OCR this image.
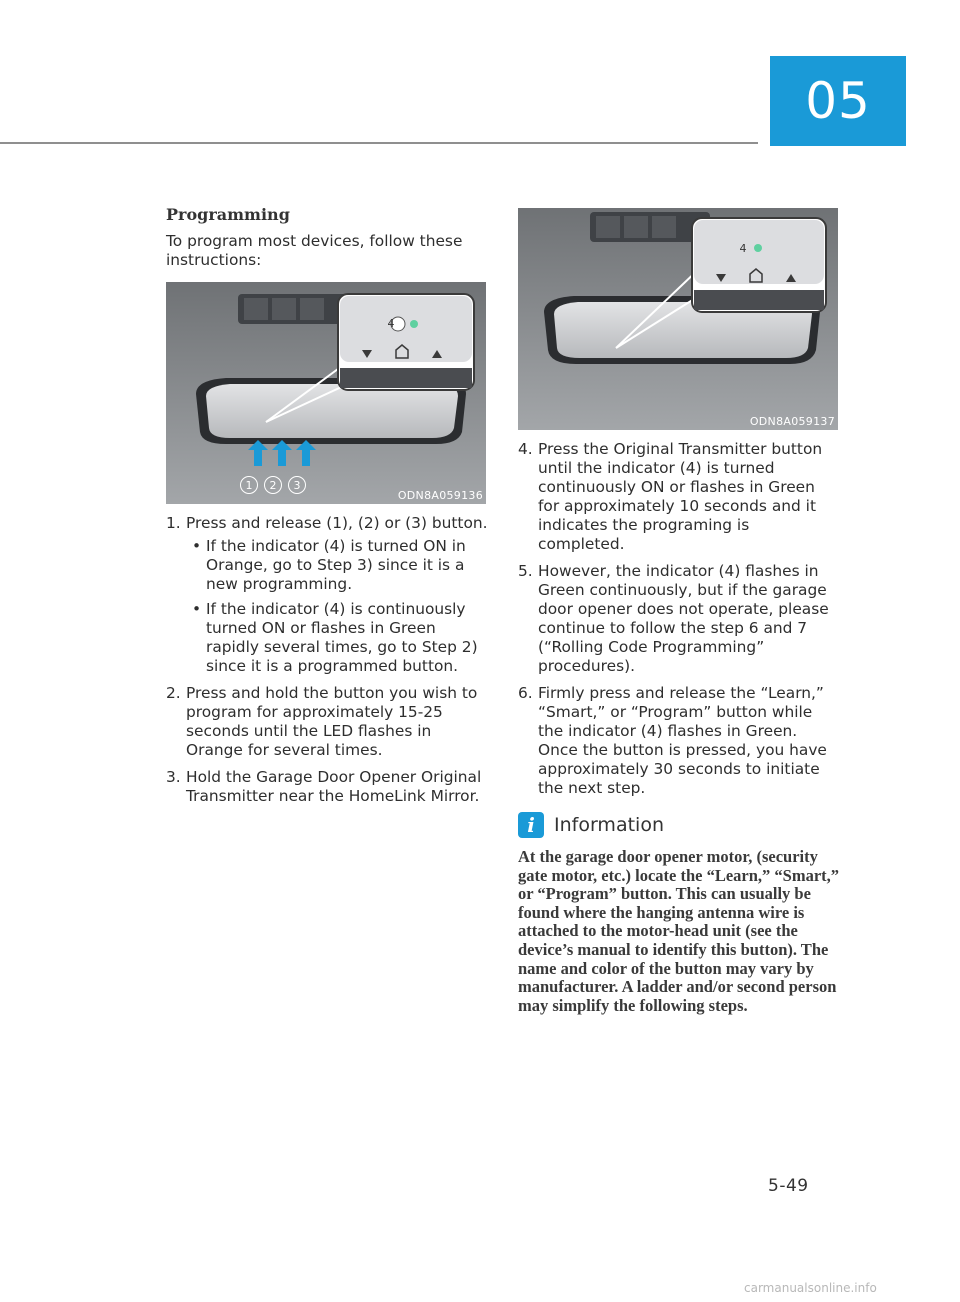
05
Programming

To program most devices, follow these instructions:

1	2	3
4
ODN8A059136
1. Press and release (1), (2) or (3) button.
• If the indicator (4) is turned ON in Orange, go to Step 3) since it is a new programming.
• If the indicator (4) is continuously turned ON or flashes in Green rapidly several times, go to Step 2) since it is a programmed button.
2. Press and hold the button you wish to program for approximately 15-25 seconds until the LED flashes in Orange for several times.
3. Hold the Garage Door Opener Original Transmitter near the HomeLink Mirror.
4
ODN8A059137
4. Press the Original Transmitter button until the indicator (4) is turned continuously ON or flashes in Green for approximately 10 seconds and it indicates the programing is completed.
5. However, the indicator (4) flashes in Green continuously, but if the garage door opener does not operate, please continue to follow the step 6 and 7 (“Rolling Code Programming” procedures).
6. Firmly press and release the “Learn,” “Smart,” or “Program” button while the indicator (4) flashes in Green. Once the button is pressed, you have approximately 30 seconds to initiate the next step.
i	Information
At the garage door opener motor, (security gate motor, etc.) locate the “Learn,” “Smart,” or “Program” button. This can usually be found where the hanging antenna wire is attached to the motor-head unit (see the device’s manual to identify this button). The name and color of the button may vary by manufacturer. A ladder and/or second person may simplify the following steps.
5-49
carmanualsonline.info
